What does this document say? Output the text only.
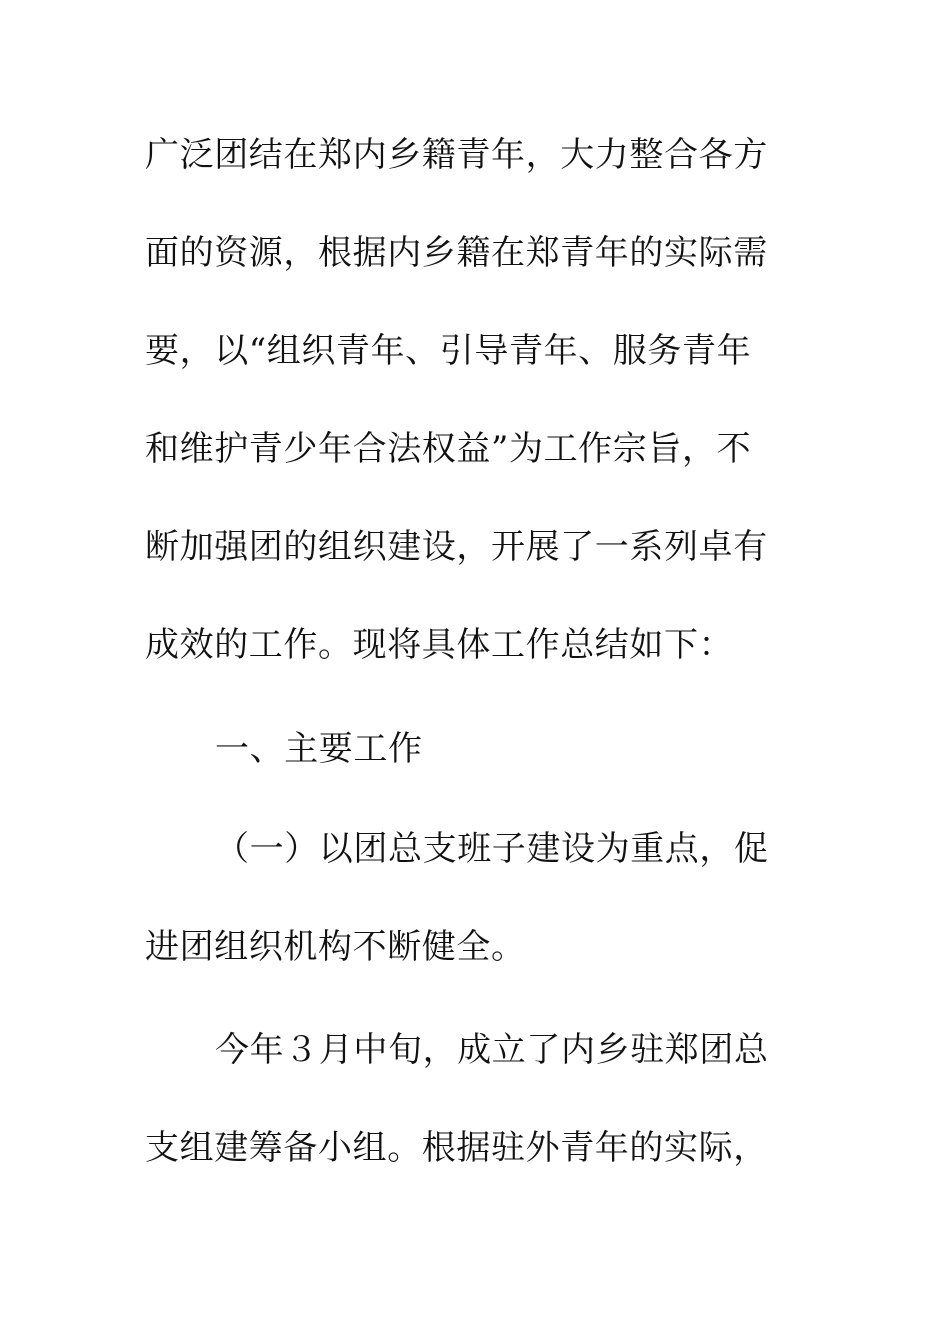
广泛团结在郑内乡籍青年，大力整合各方
面的资源，根据内乡籍在郑青年的实际需
要，以“组织青年、引导青年、服务青年
和维护青少年合法权益”为工作宗旨，不
断加强团的组织建设，开展了一系列卓有
成效的工作。现将具体工作总结如下：
一、主要工作
（一）以团总支班子建设为重点，促
进团组织机构不断健全。
今年３月中旬，成立了内乡驻郑团总
支组建筹备小组。根据驻外青年的实际，
